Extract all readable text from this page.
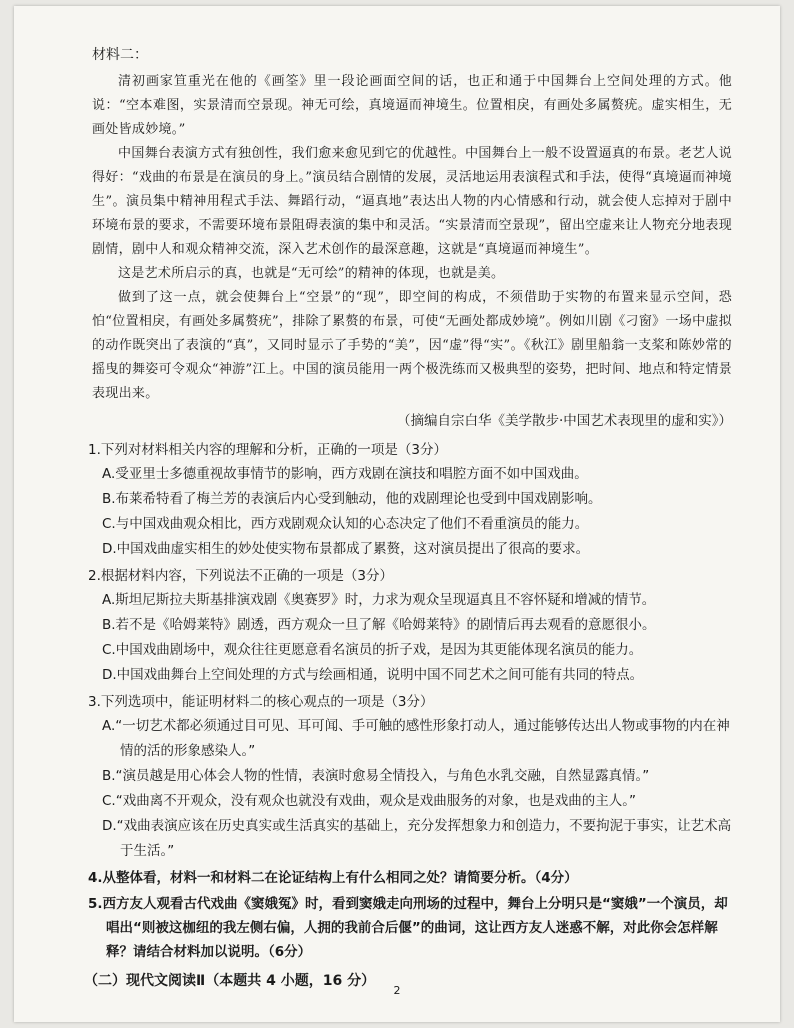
材料二：

清初画家笪重光在他的《画筌》里一段论画面空间的话，也正和通于中国舞台上空间处理的方式。他说：“空本难图，实景清而空景现。神无可绘，真境逼而神境生。位置相戾，有画处多属赘疣。虚实相生，无画处皆成妙境。”

中国舞台表演方式有独创性，我们愈来愈见到它的优越性。中国舞台上一般不设置逼真的布景。老艺人说得好：“戏曲的布景是在演员的身上。”演员结合剧情的发展，灵活地运用表演程式和手法，使得“真境逼而神境生”。演员集中精神用程式手法、舞蹈行动，“逼真地”表达出人物的内心情感和行动，就会使人忘掉对于剧中环境布景的要求，不需要环境布景阻碍表演的集中和灵活。“实景清而空景现”，留出空虚来让人物充分地表现剧情，剧中人和观众精神交流，深入艺术创作的最深意趣，这就是“真境逼而神境生”。

这是艺术所启示的真，也就是“无可绘”的精神的体现，也就是美。

做到了这一点，就会使舞台上“空景”的“现”，即空间的构成，不须借助于实物的布置来显示空间，恐怕“位置相戾，有画处多属赘疣”，排除了累赘的布景，可使“无画处都成妙境”。例如川剧《刁窗》一场中虚拟的动作既突出了表演的“真”，又同时显示了手势的“美”，因“虚”得“实”。《秋江》剧里船翁一支桨和陈妙常的摇曳的舞姿可令观众“神游”江上。中国的演员能用一两个极洗练而又极典型的姿势，把时间、地点和特定情景表现出来。

（摘编自宗白华《美学散步·中国艺术表现里的虚和实》）

1.下列对材料相关内容的理解和分析，正确的一项是（3分）

A.受亚里士多德重视故事情节的影响，西方戏剧在演技和唱腔方面不如中国戏曲。

B.布莱希特看了梅兰芳的表演后内心受到触动，他的戏剧理论也受到中国戏剧影响。

C.与中国戏曲观众相比，西方戏剧观众认知的心态决定了他们不看重演员的能力。

D.中国戏曲虚实相生的妙处使实物布景都成了累赘，这对演员提出了很高的要求。

2.根据材料内容，下列说法不正确的一项是（3分）

A.斯坦尼斯拉夫斯基排演戏剧《奥赛罗》时，力求为观众呈现逼真且不容怀疑和增减的情节。

B.若不是《哈姆莱特》剧透，西方观众一旦了解《哈姆莱特》的剧情后再去观看的意愿很小。

C.中国戏曲剧场中，观众往往更愿意看名演员的折子戏，是因为其更能体现名演员的能力。

D.中国戏曲舞台上空间处理的方式与绘画相通，说明中国不同艺术之间可能有共同的特点。

3.下列选项中，能证明材料二的核心观点的一项是（3分）

A.“一切艺术都必须通过目可见、耳可闻、手可触的感性形象打动人，通过能够传达出人物或事物的内在神情的活的形象感染人。”

B.“演员越是用心体会人物的性情，表演时愈易全情投入，与角色水乳交融，自然显露真情。”

C.“戏曲离不开观众，没有观众也就没有戏曲，观众是戏曲服务的对象，也是戏曲的主人。”

D.“戏曲表演应该在历史真实或生活真实的基础上，充分发挥想象力和创造力，不要拘泥于事实，让艺术高于生活。”

4.从整体看，材料一和材料二在论证结构上有什么相同之处？请简要分析。（4分）

5.西方友人观看古代戏曲《窦娥冤》时，看到窦娥走向刑场的过程中，舞台上分明只是“窦娥”一个演员，却唱出“则被这枷纽的我左侧右偏，人拥的我前合后偃”的曲词，这让西方友人迷惑不解，对此你会怎样解释？请结合材料加以说明。（6分）

（二）现代文阅读Ⅱ（本题共 4 小题，16 分）

2
